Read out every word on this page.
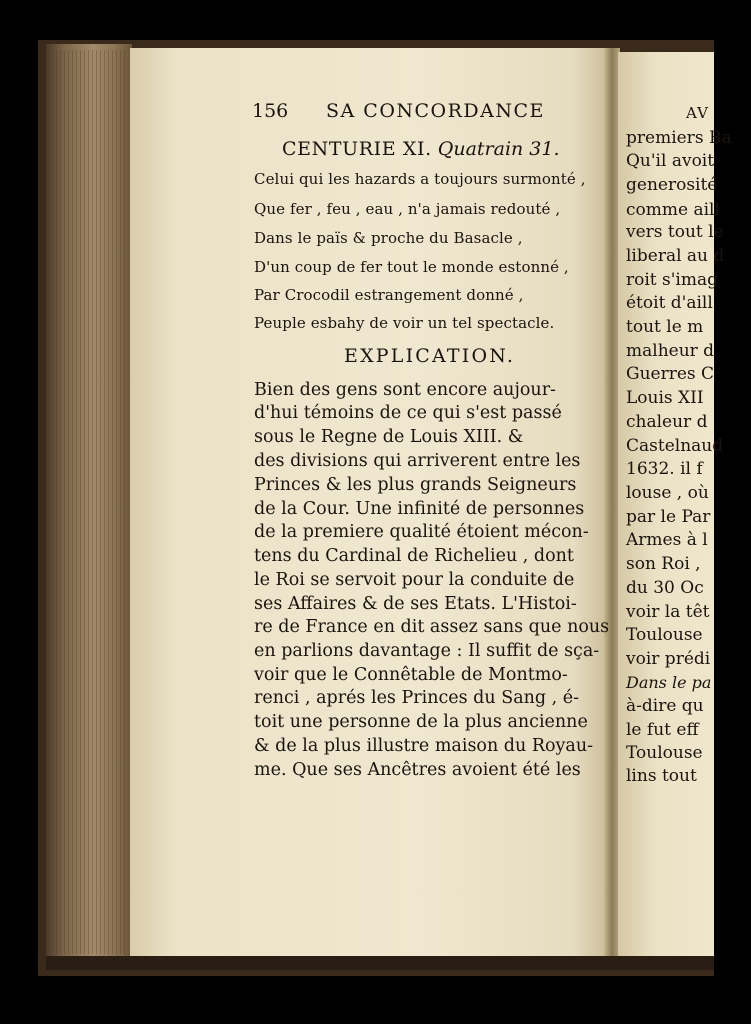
156 SA CONCORDANCE
CENTURIE XI. Quatrain 31.
Celui qui les hazards a toujours surmonté ,
Que fer , feu , eau , n'a jamais redouté ,
Dans le païs & proche du Basacle ,
D'un coup de fer tout le monde estonné ,
Par Crocodil estrangement donné ,
Peuple esbahy de voir un tel spectacle.
EXPLICATION.
Bien des gens sont encore aujour-
d'hui témoins de ce qui s'est passé
sous le Regne de Louis XIII. &
des divisions qui arriverent entre les
Princes & les plus grands Seigneurs
de la Cour. Une infinité de personnes
de la premiere qualité étoient mécon-
tens du Cardinal de Richelieu , dont
le Roi se servoit pour la conduite de
ses Affaires & de ses Etats. L'Histoi-
re de France en dit assez sans que nous
en parlions davantage : Il suffit de sça-
voir que le Connêtable de Montmo-
renci , aprés les Princes du Sang , é-
toit une personne de la plus ancienne
& de la plus illustre maison du Royau-
me. Que ses Ancêtres avoient été les
AV
premiers Ba
Qu'il avoit
generosité
comme aill
vers tout le
liberal au d
roit s'imag
étoit d'aill
tout le m
malheur d
Guerres C
Louis XII
chaleur d
Castelnaud
1632. il f
louse , où
par le Par
Armes à l
son Roi ,
du 30 Oc
voir la têt
Toulouse
voir prédi
Dans le pa
à-dire qu
le fut eff
Toulouse
lins tout
